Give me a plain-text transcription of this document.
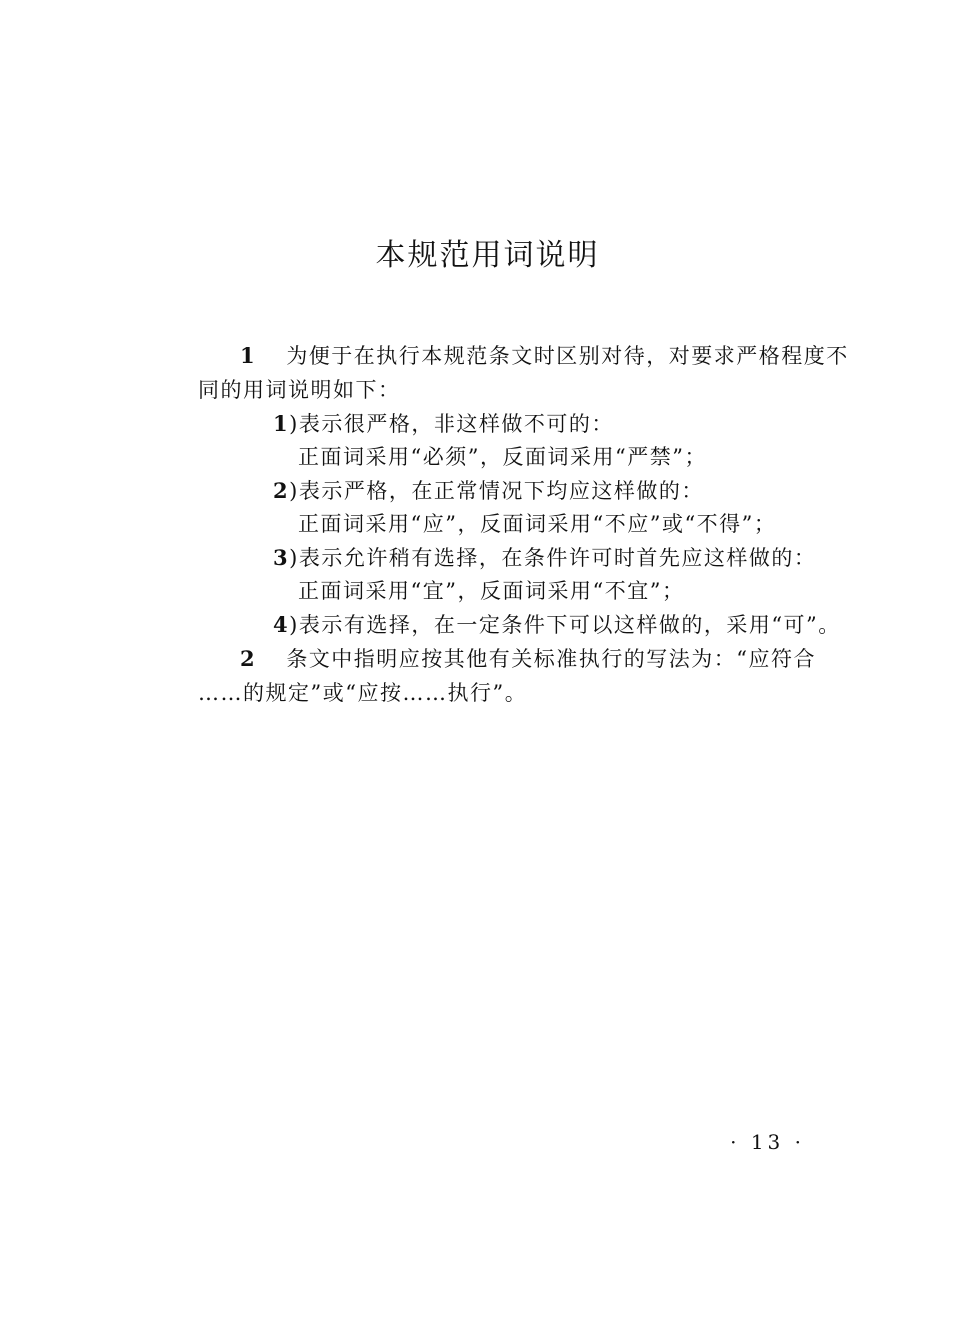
本规范用词说明
1 为便于在执行本规范条文时区别对待，对要求严格程度不
同的用词说明如下：
1)表示很严格，非这样做不可的：
正面词采用“必须”，反面词采用“严禁”；
2)表示严格，在正常情况下均应这样做的：
正面词采用“应”，反面词采用“不应”或“不得”；
3)表示允许稍有选择，在条件许可时首先应这样做的：
正面词采用“宜”，反面词采用“不宜”；
4)表示有选择，在一定条件下可以这样做的，采用“可”。
2 条文中指明应按其他有关标准执行的写法为：“应符合
……的规定”或“应按……执行”。
· 13 ·
